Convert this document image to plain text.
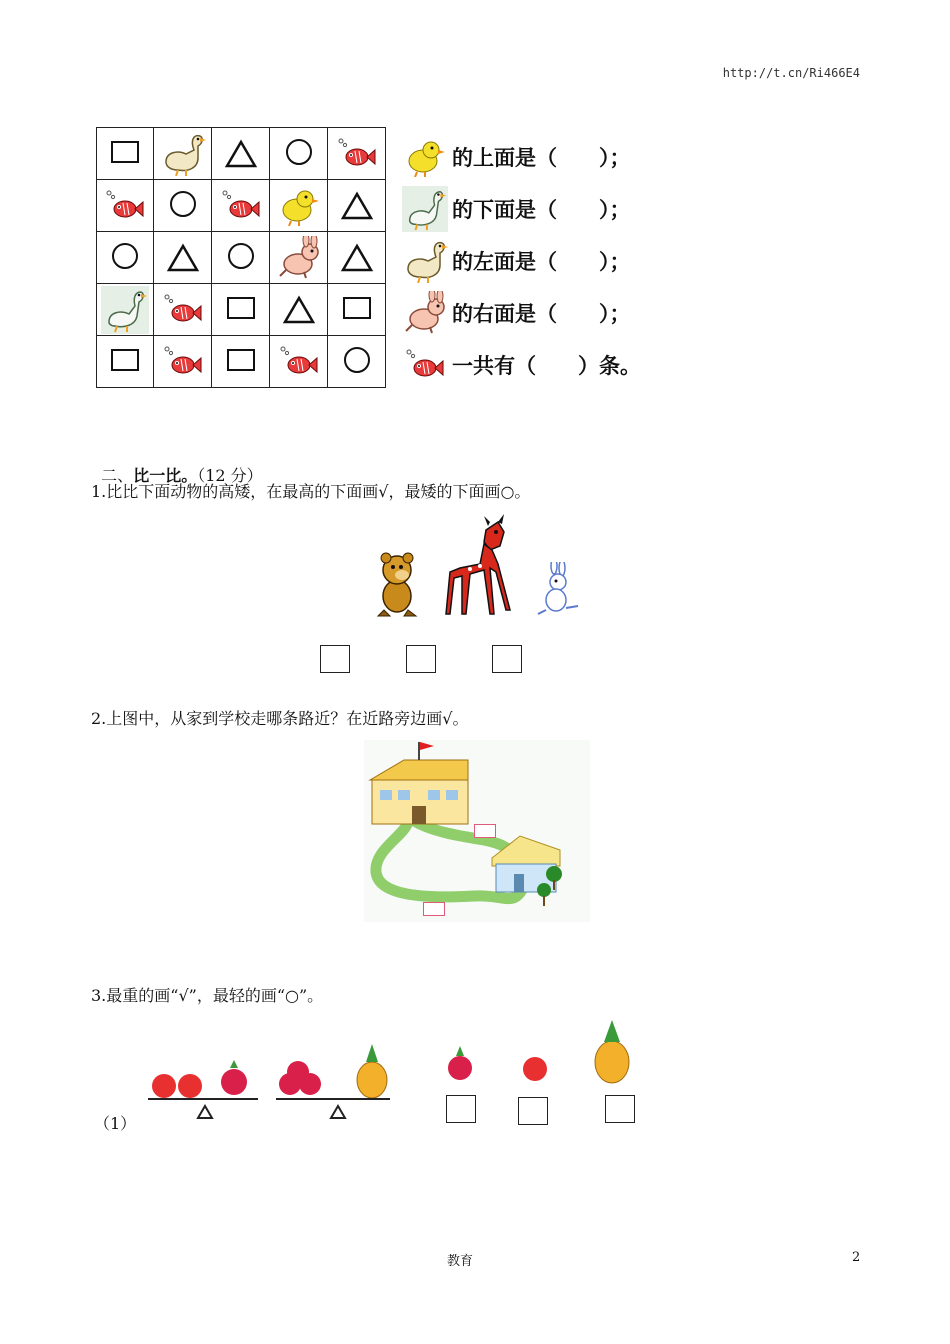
http://t.cn/Ri466E4

的上面是（　　）；
的下面是（　　）；
的左面是（　　）；
的右面是（　　）；
一共有（　　）条。

二、比一比。（12 分）

1.比比下面动物的高矮，在最高的下面画√，最矮的下面画○。
2.上图中，从家到学校走哪条路近？在近路旁边画√。
3.最重的画“√”，最轻的画“○”。
（1）
教育	2
